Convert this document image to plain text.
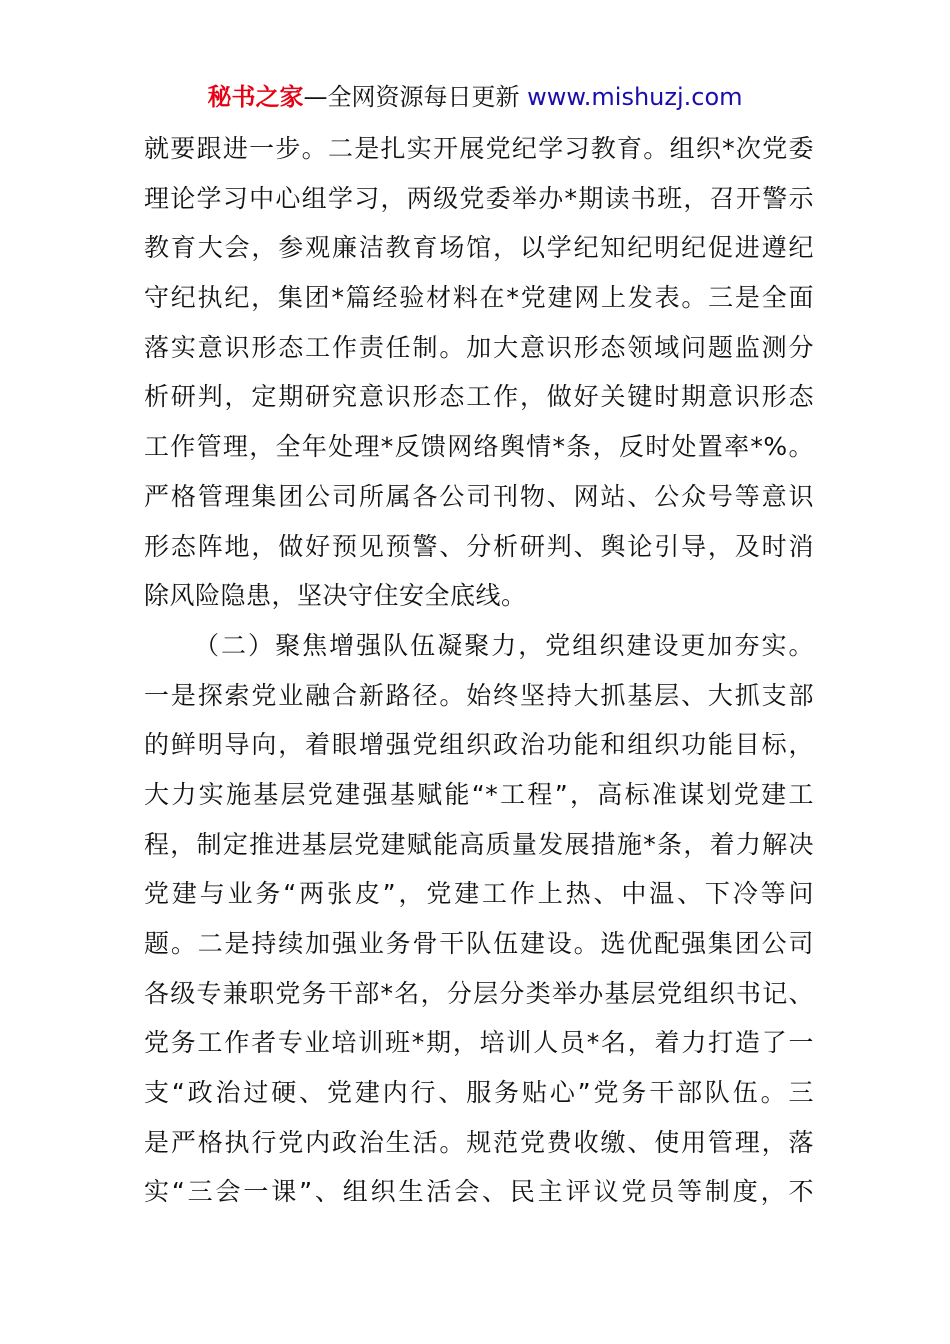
秘书之家—全网资源每日更新 www.mishuzj.com
就要跟进一步。二是扎实开展党纪学习教育。组织*次党委
理论学习中心组学习，两级党委举办*期读书班，召开警示
教育大会，参观廉洁教育场馆，以学纪知纪明纪促进遵纪
守纪执纪，集团*篇经验材料在*党建网上发表。三是全面
落实意识形态工作责任制。加大意识形态领域问题监测分
析研判，定期研究意识形态工作，做好关键时期意识形态
工作管理，全年处理*反馈网络舆情*条，反时处置率*%。
严格管理集团公司所属各公司刊物、网站、公众号等意识
形态阵地，做好预见预警、分析研判、舆论引导，及时消
除风险隐患，坚决守住安全底线。
（二）聚焦增强队伍凝聚力，党组织建设更加夯实。
一是探索党业融合新路径。始终坚持大抓基层、大抓支部
的鲜明导向，着眼增强党组织政治功能和组织功能目标，
大力实施基层党建强基赋能“*工程”，高标准谋划党建工
程，制定推进基层党建赋能高质量发展措施*条，着力解决
党建与业务“两张皮”，党建工作上热、中温、下冷等问
题。二是持续加强业务骨干队伍建设。选优配强集团公司
各级专兼职党务干部*名，分层分类举办基层党组织书记、
党务工作者专业培训班*期，培训人员*名，着力打造了一
支“政治过硬、党建内行、服务贴心”党务干部队伍。三
是严格执行党内政治生活。规范党费收缴、使用管理，落
实“三会一课”、组织生活会、民主评议党员等制度，不
